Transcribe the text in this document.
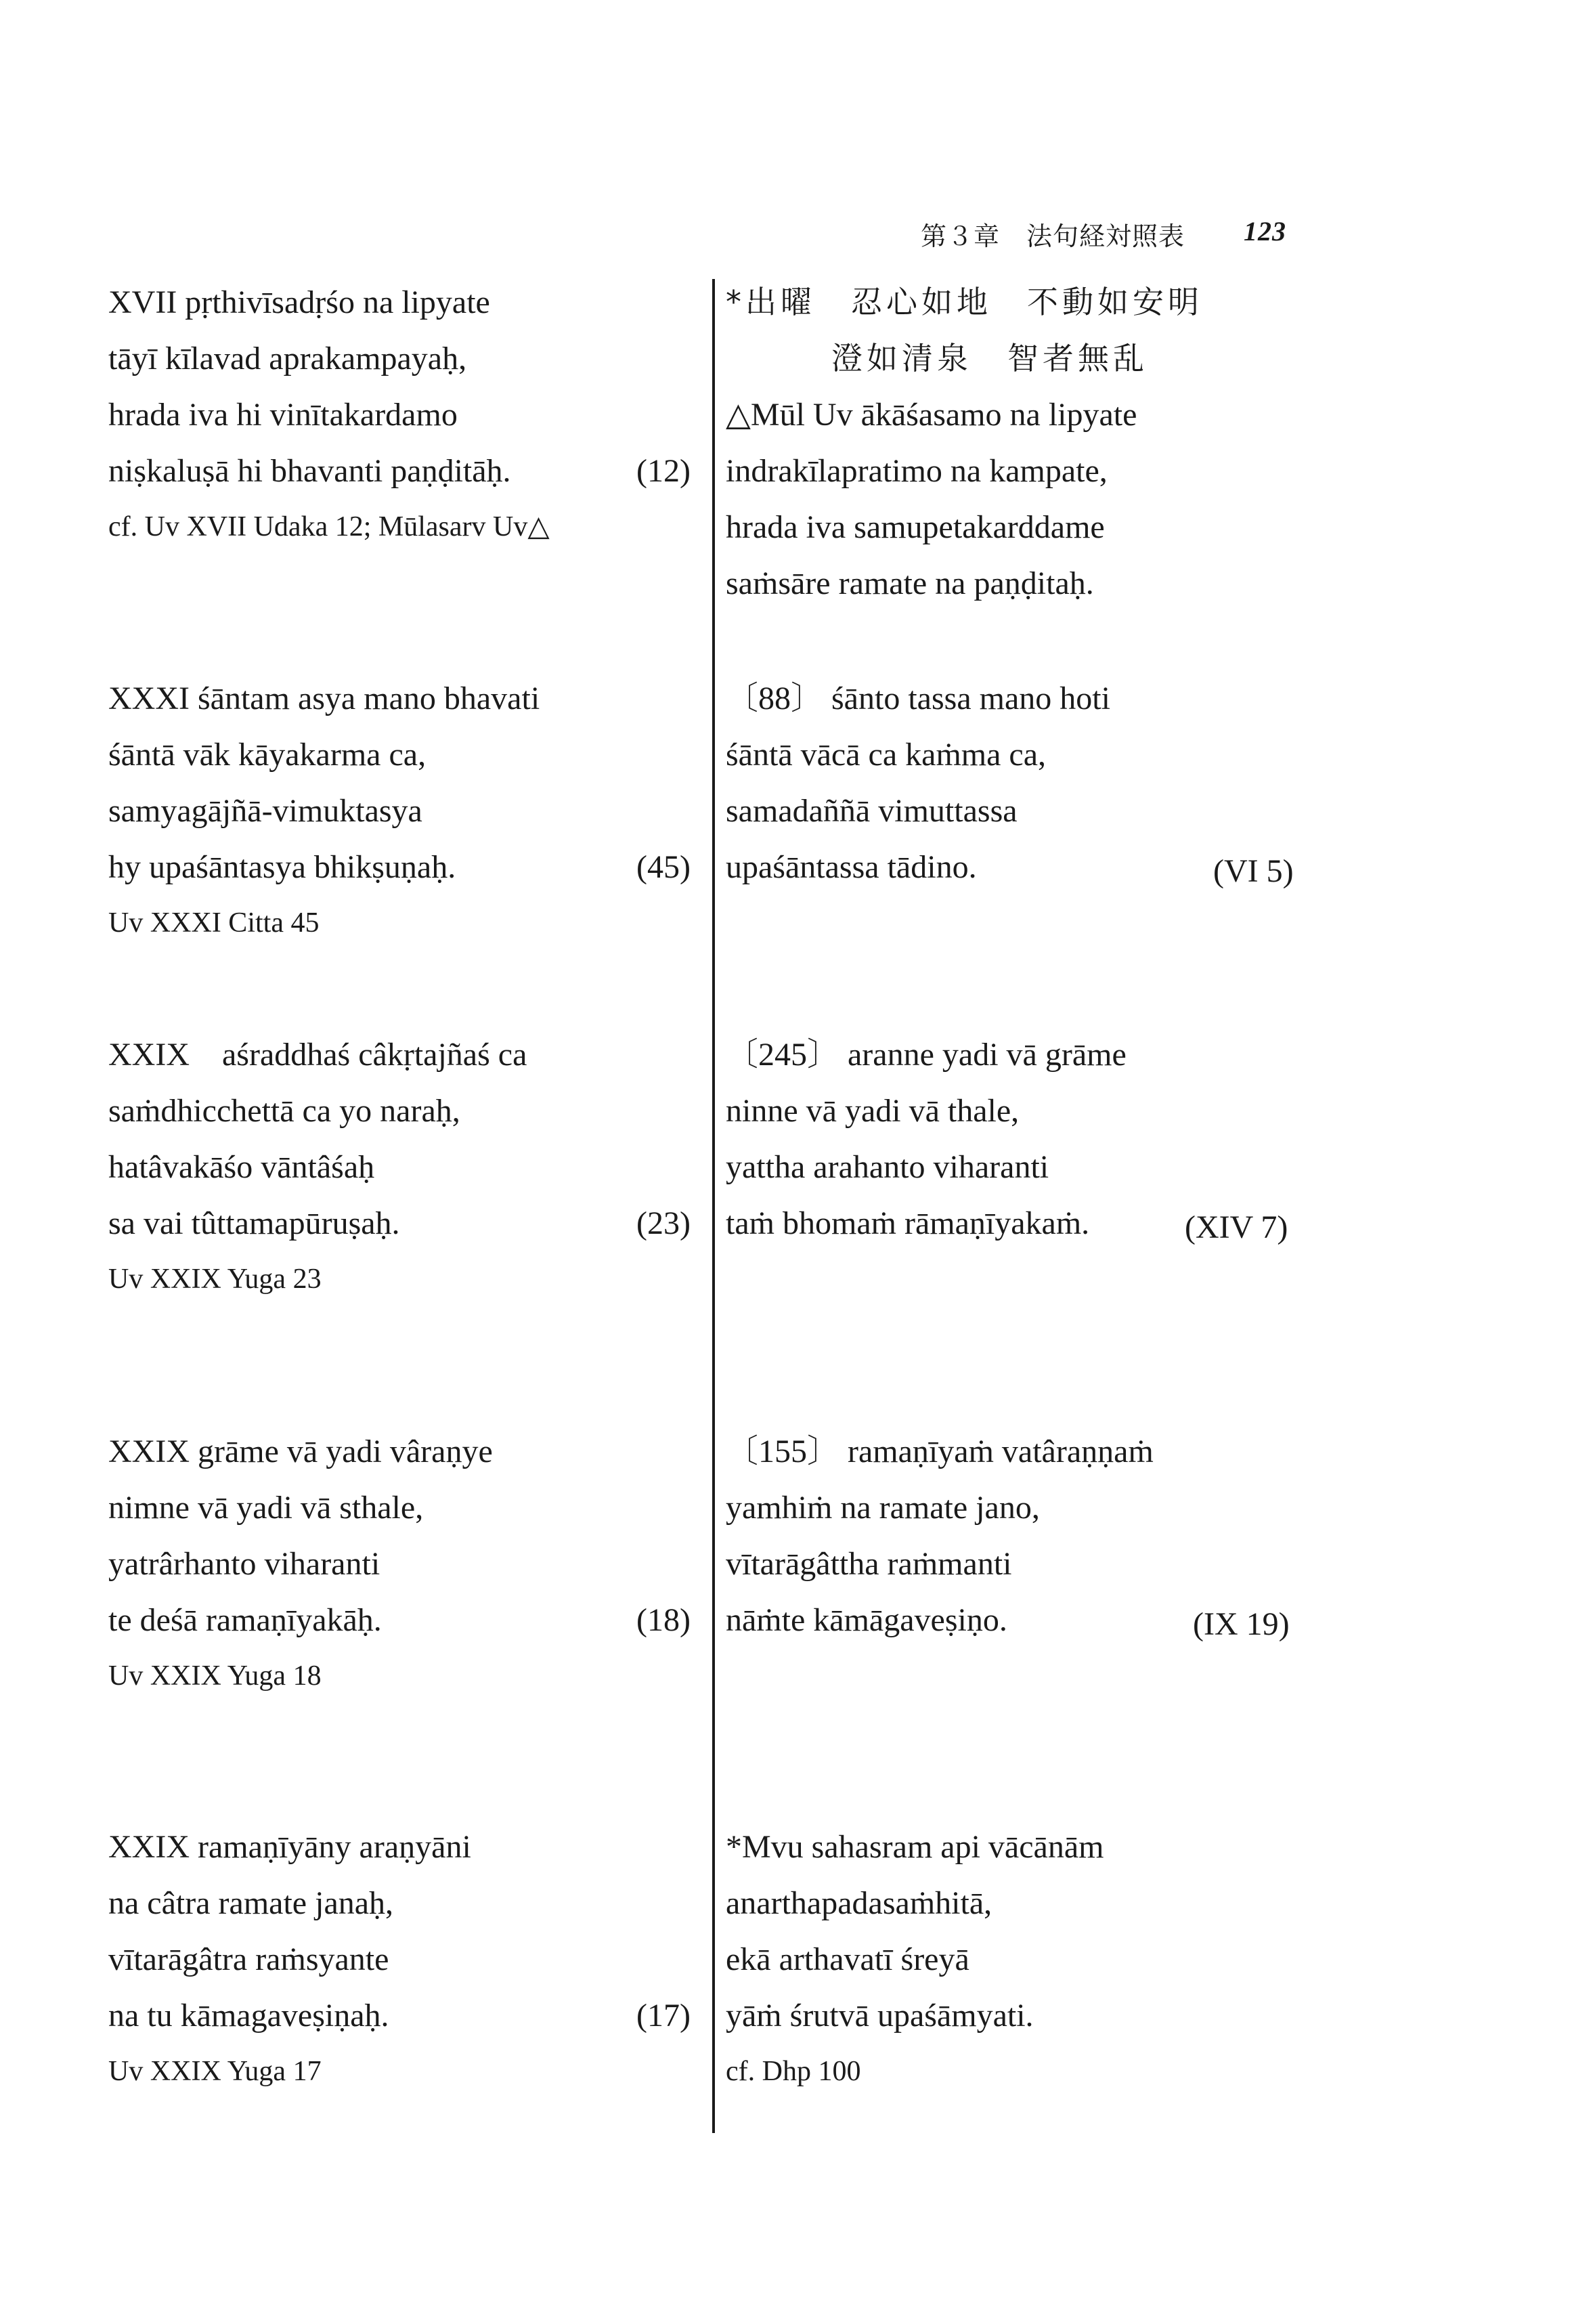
第３章　法句経対照表 123
XVII pṛthivīsadṛśo na lipyate
tāyī kīlavad aprakampayaḥ,
hrada iva hi vinītakardamo
niṣkaluṣā hi bhavanti paṇḍitāḥ.	(12)
cf. Uv XVII Udaka 12; Mūlasarv Uv△
*出曜　忍心如地　不動如安明
　　　澄如清泉　智者無乱
△Mūl Uv ākāśasamo na lipyate
indrakīlapratimo na kampate,
hrada iva samupetakarddame
saṁsāre ramate na paṇḍitaḥ.
XXXI śāntam asya mano bhavati
śāntā vāk kāyakarma ca,
samyagājñā-vimuktasya
hy upaśāntasya bhikṣuṇaḥ.	(45)
Uv XXXI Citta 45
〔88〕 śānto tassa mano hoti
śāntā vācā ca kaṁma ca,
samadaññā vimuttassa
upaśāntassa tādino.	(VI 5)
XXIX　aśraddhaś câkṛtajñaś ca
saṁdhicchettā ca yo naraḥ,
hatâvakāśo vāntâśaḥ
sa vai tûttamapūruṣaḥ.	(23)
Uv XXIX Yuga 23
〔245〕 aranne yadi vā grāme
ninne vā yadi vā thale,
yattha arahanto viharanti
taṁ bhomaṁ rāmaṇīyakaṁ.	(XIV 7)
XXIX grāme vā yadi vâraṇye
nimne vā yadi vā sthale,
yatrârhanto viharanti
te deśā ramaṇīyakāḥ.	(18)
Uv XXIX Yuga 18
〔155〕 ramaṇīyaṁ vatâraṇṇaṁ
yamhiṁ na ramate jano,
vītarāgâttha raṁmanti
nāṁte kāmāgaveṣiṇo.	(IX 19)
XXIX ramaṇīyāny araṇyāni
na câtra ramate janaḥ,
vītarāgâtra raṁsyante
na tu kāmagaveṣiṇaḥ.	(17)
Uv XXIX Yuga 17
*Mvu sahasram api vācānām
anarthapadasaṁhitā,
ekā arthavatī śreyā
yāṁ śrutvā upaśāmyati.
cf. Dhp 100
